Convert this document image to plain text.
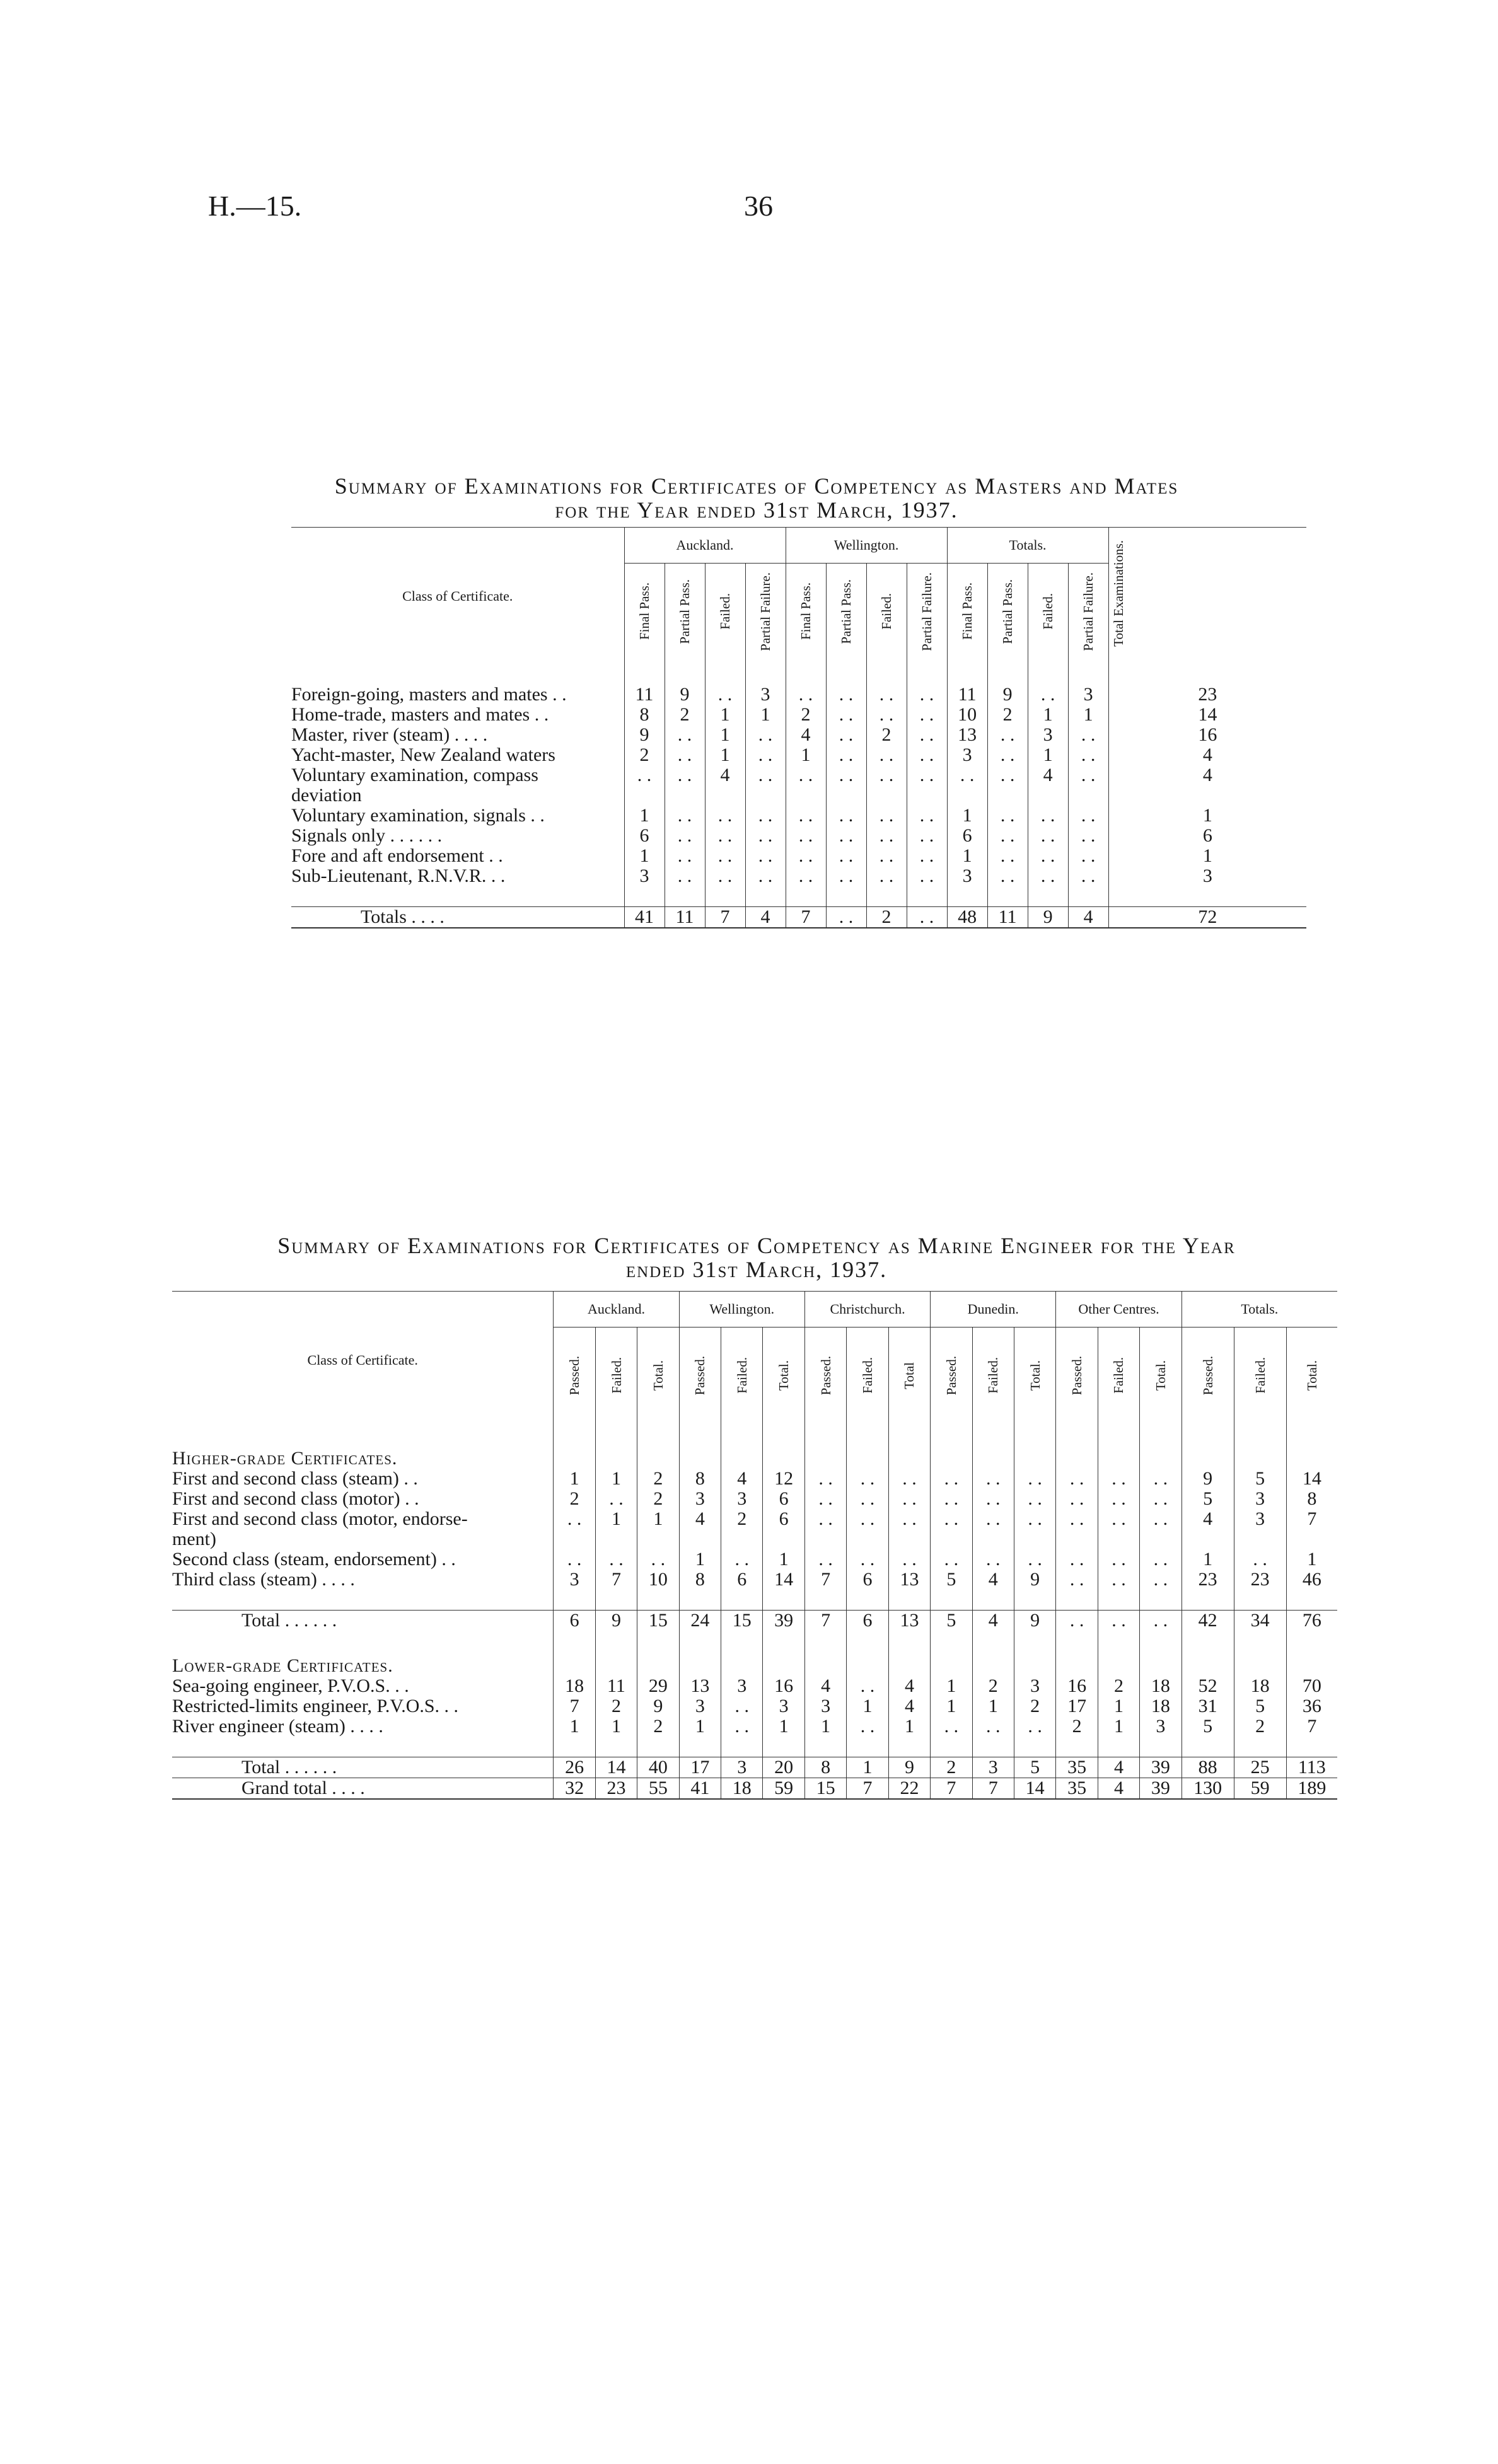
H.—15.	36
Summary of Examinations for Certificates of Competency as Masters and Mates
for the Year ended 31st March, 1937.
Class of Certificate.	Auckland.				Wellington.				Totals.				Total Examinations.
	Final Pass.	Partial Pass.	Failed.	Partial Failure.	Final Pass.	Partial Pass.	Failed.	Partial Failure.	Final Pass.	Partial Pass.	Failed.	Partial Failure.	

Foreign-going, masters and mates . .	11	9	. .	3	. .	. .	. .	. .	11	9	. .	3	23
Home-trade, masters and mates . .	8	2	1	1	2	. .	. .	. .	10	2	1	1	14
Master, river (steam) . . . .	9	. .	1	. .	4	. .	2	. .	13	. .	3	. .	16
Yacht-master, New Zealand waters	2	. .	1	. .	1	. .	. .	. .	3	. .	1	. .	4
Voluntary examination, compass	. .	. .	4	. .	. .	. .	. .	. .	. .	. .	4	. .	4
deviation													
Voluntary examination, signals . .	1	. .	. .	. .	. .	. .	. .	. .	1	. .	. .	. .	1
Signals only . . . . . .	6	. .	. .	. .	. .	. .	. .	. .	6	. .	. .	. .	6
Fore and aft endorsement . .	1	. .	. .	. .	. .	. .	. .	. .	1	. .	. .	. .	1
Sub-Lieutenant, R.N.V.R. . .	3	. .	. .	. .	. .	. .	. .	. .	3	. .	. .	. .	3

Totals . . . .	41	11	7	4	7	. .	2	. .	48	11	9	4	72
Summary of Examinations for Certificates of Competency as Marine Engineer for the Year
ended 31st March, 1937.
Class of Certificate.	Auckland.			Wellington.			Christchurch.			Dunedin.			Other Centres.			Totals.		
	Passed.	Failed.	Total.	Passed.	Failed.	Total.	Passed.	Failed.	Total	Passed.	Failed.	Total.	Passed.	Failed.	Total.	Passed.	Failed.	Total.

Higher-grade Certificates.																		
First and second class (steam) . .	1	1	2	8	4	12	. .	. .	. .	. .	. .	. .	. .	. .	. .	9	5	14
First and second class (motor) . .	2	. .	2	3	3	6	. .	. .	. .	. .	. .	. .	. .	. .	. .	5	3	8
First and second class (motor, endorse-	. .	1	1	4	2	6	. .	. .	. .	. .	. .	. .	. .	. .	. .	4	3	7
ment)																		
Second class (steam, endorsement) . .	. .	. .	. .	1	. .	1	. .	. .	. .	. .	. .	. .	. .	. .	. .	1	. .	1
Third class (steam) . . . .	3	7	10	8	6	14	7	6	13	5	4	9	. .	. .	. .	23	23	46

Total . . . . . .	6	9	15	24	15	39	7	6	13	5	4	9	. .	. .	. .	42	34	76

Lower-grade Certificates.																		
Sea-going engineer, P.V.O.S. . .	18	11	29	13	3	16	4	. .	4	1	2	3	16	2	18	52	18	70
Restricted-limits engineer, P.V.O.S. . .	7	2	9	3	. .	3	3	1	4	1	1	2	17	1	18	31	5	36
River engineer (steam) . . . .	1	1	2	1	. .	1	1	. .	1	. .	. .	. .	2	1	3	5	2	7

Total . . . . . .	26	14	40	17	3	20	8	1	9	2	3	5	35	4	39	88	25	113
Grand total . . . .	32	23	55	41	18	59	15	7	22	7	7	14	35	4	39	130	59	189
